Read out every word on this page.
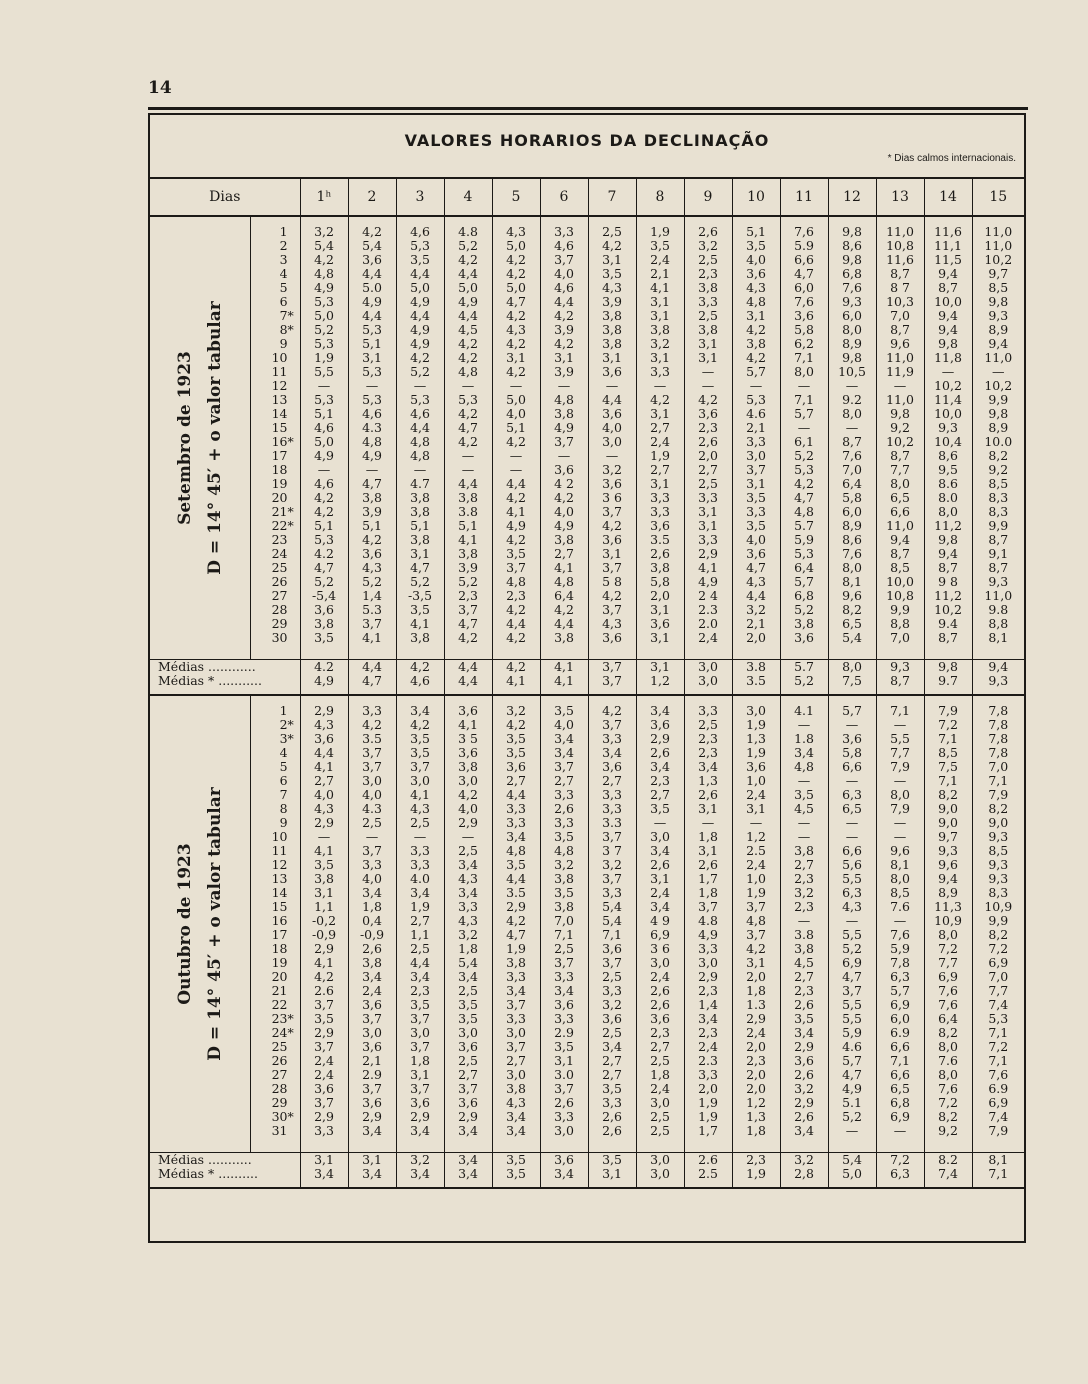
14
VALORES HORARIOS DA DECLINAÇÃO
* Dias calmos internacionais.
Dias		1ʰ	2	3	4	5	6	7	8	9	10	11	12	13	14	15

Setembro de 1923 D = 14° 45′ + o valor tabular																

	1	3,2	4,2	4,6	4.8	4,3	3,3	2,5	1,9	2,6	5,1	7,6	9,8	11,0	11,6	11,0
	2	5,4	5,4	5,3	5,2	5,0	4,6	4,2	3,5	3,2	3,5	5.9	8,6	10,8	11,1	11,0
	3	4,2	3,6	3,5	4,2	4,2	3,7	3,1	2,4	2,5	4,0	6,6	9,8	11,6	11,5	10,2
	4	4,8	4,4	4,4	4,4	4,2	4,0	3,5	2,1	2,3	3,6	4,7	6,8	8,7	9,4	9,7
	5	4,9	5.0	5,0	5,0	5,0	4,6	4,3	4,1	3,8	4,3	6,0	7,6	8 7	8,7	8,5
	6	5,3	4,9	4,9	4,9	4,7	4,4	3,9	3,1	3,3	4,8	7,6	9,3	10,3	10,0	9,8
	7*	5,0	4,4	4,4	4,4	4,2	4,2	3,8	3,1	2,5	3,1	3,6	6,0	7,0	9,4	9,3
	8*	5,2	5,3	4,9	4,5	4,3	3,9	3,8	3,8	3,8	4,2	5,8	8,0	8,7	9,4	8,9
	9	5,3	5,1	4,9	4,2	4,2	4,2	3,8	3,2	3,1	3,8	6,2	8,9	9,6	9,8	9,4
	10	1,9	3,1	4,2	4,2	3,1	3,1	3,1	3,1	3,1	4,2	7,1	9,8	11,0	11,8	11,0
	11	5,5	5,3	5,2	4,8	4,2	3,9	3,6	3,3	—	5,7	8,0	10,5	11,9	—	—
	12	—	—	—	—	—	—	—	—	—	—	—	—	—	10,2	10,2
	13	5,3	5,3	5,3	5,3	5,0	4,8	4,4	4,2	4,2	5,3	7,1	9.2	11,0	11,4	9,9
	14	5,1	4,6	4,6	4,2	4,0	3,8	3,6	3,1	3,6	4.6	5,7	8,0	9,8	10,0	9,8
	15	4,6	4.3	4,4	4,7	5,1	4,9	4,0	2,7	2,3	2,1	—	—	9,2	9,3	8,9
	16*	5,0	4,8	4,8	4,2	4,2	3,7	3,0	2,4	2,6	3,3	6,1	8,7	10,2	10,4	10.0
	17	4,9	4,9	4,8	—	—	—	—	1,9	2,0	3,0	5,2	7,6	8,7	8,6	8,2
	18	—	—	—	—	—	3,6	3,2	2,7	2,7	3,7	5,3	7,0	7,7	9,5	9,2
	19	4,6	4,7	4.7	4,4	4,4	4 2	3,6	3,1	2,5	3,1	4,2	6,4	8,0	8.6	8,5
	20	4,2	3,8	3,8	3,8	4,2	4,2	3 6	3,3	3,3	3,5	4,7	5,8	6,5	8.0	8,3
	21*	4,2	3,9	3,8	3.8	4,1	4,0	3,7	3,3	3,1	3,3	4,8	6,0	6,6	8,0	8,3
	22*	5,1	5,1	5,1	5,1	4,9	4,9	4,2	3,6	3,1	3,5	5.7	8,9	11,0	11,2	9,9
	23	5,3	4,2	3,8	4,1	4,2	3,8	3,6	3.5	3,3	4,0	5,9	8,6	9,4	9,8	8,7
	24	4.2	3,6	3,1	3,8	3,5	2,7	3,1	2,6	2,9	3,6	5,3	7,6	8,7	9,4	9,1
	25	4,7	4,3	4,7	3,9	3,7	4,1	3,7	3,8	4,1	4,7	6,4	8,0	8,5	8,7	8,7
	26	5,2	5,2	5,2	5,2	4,8	4,8	5 8	5,8	4,9	4,3	5,7	8,1	10,0	9 8	9,3
	27	-5,4	1,4	-3,5	2,3	2,3	6,4	4,2	2,0	2 4	4,4	6,8	9,6	10,8	11,2	11,0
	28	3,6	5.3	3,5	3,7	4,2	4,2	3,7	3,1	2.3	3,2	5,2	8,2	9,9	10,2	9.8
	29	3,8	3,7	4,1	4,7	4,4	4,4	4,3	3,6	2.0	2,1	3,8	6,5	8,8	9.4	8,8
	30	3,5	4,1	3,8	4,2	4,2	3,8	3,6	3,1	2,4	2,0	3,6	5,4	7,0	8,7	8,1

Médias ............		4.2	4,4	4,2	4,4	4,2	4,1	3,7	3,1	3,0	3.8	5.7	8,0	9,3	9,8	9,4
Médias * ...........		4,9	4,7	4,6	4,4	4,1	4,1	3,7	1,2	3,0	3.5	5,2	7,5	8,7	9.7	9,3

Outubro de 1923 D = 14° 45′ + o valor tabular																

	1	2,9	3,3	3,4	3,6	3,2	3,5	4,2	3,4	3,3	3,0	4.1	5,7	7,1	7,9	7,8
	2*	4,3	4,2	4,2	4,1	4,2	4,0	3,7	3,6	2,5	1,9	—	—	—	7,2	7,8
	3*	3,6	3.5	3,5	3 5	3,5	3,4	3,3	2,9	2,3	1,3	1.8	3,6	5,5	7,1	7,8
	4	4,4	3,7	3,5	3,6	3,5	3,4	3,4	2,6	2,3	1,9	3,4	5,8	7,7	8,5	7,8
	5	4,1	3,7	3,7	3,8	3,6	3,7	3,6	3,4	3,4	3,6	4,8	6,6	7,9	7,5	7,0
	6	2,7	3,0	3,0	3,0	2,7	2,7	2,7	2,3	1,3	1,0	—	—	—	7,1	7,1
	7	4,0	4,0	4,1	4,2	4,4	3,3	3,3	2,7	2,6	2,4	3,5	6,3	8,0	8,2	7,9
	8	4,3	4.3	4,3	4,0	3,3	2,6	3,3	3,5	3,1	3,1	4,5	6,5	7,9	9,0	8,2
	9	2,9	2,5	2,5	2,9	3,3	3,3	3.3	—	—	—	—	—	—	9,0	9,0
	10	—	—	—	—	3,4	3,5	3,7	3,0	1,8	1,2	—	—	—	9,7	9,3
	11	4,1	3,7	3,3	2,5	4,8	4,8	3 7	3,4	3,1	2.5	3,8	6,6	9,6	9,3	8,5
	12	3,5	3,3	3,3	3,4	3,5	3,2	3,2	2,6	2,6	2,4	2,7	5,6	8,1	9,6	9,3
	13	3,8	4,0	4.0	4,3	4,4	3,8	3,7	3,1	1,7	1,0	2,3	5,5	8,0	9,4	9,3
	14	3,1	3,4	3,4	3,4	3.5	3,5	3,3	2,4	1,8	1,9	3,2	6,3	8,5	8,9	8,3
	15	1,1	1,8	1,9	3,3	2,9	3,8	5,4	3,4	3,7	3,7	2,3	4,3	7.6	11,3	10,9
	16	-0,2	0,4	2,7	4,3	4,2	7,0	5,4	4 9	4.8	4,8	—	—	—	10,9	9,9
	17	-0,9	-0,9	1,1	3,2	4,7	7,1	7,1	6,9	4,9	3,7	3.8	5,5	7,6	8,0	8,2
	18	2,9	2,6	2,5	1,8	1,9	2,5	3,6	3 6	3,3	4,2	3,8	5,2	5,9	7,2	7,2
	19	4,1	3,8	4,4	5,4	3,8	3,7	3,7	3,0	3,0	3,1	4,5	6,9	7,8	7,7	6,9
	20	4,2	3,4	3,4	3,4	3,3	3,3	2,5	2,4	2,9	2,0	2,7	4,7	6,3	6,9	7,0
	21	2.6	2,4	2,3	2,5	3,4	3,4	3,3	2,6	2,3	1,8	2,3	3,7	5,7	7,6	7,7
	22	3,7	3,6	3,5	3,5	3,7	3,6	3,2	2,6	1,4	1.3	2,6	5,5	6,9	7,6	7,4
	23*	3,5	3,7	3,7	3,5	3,3	3,3	3,6	3,6	3,4	2,9	3,5	5,5	6,0	6,4	5,3
	24*	2,9	3,0	3,0	3,0	3,0	2.9	2,5	2,3	2,3	2,4	3,4	5,9	6.9	8,2	7,1
	25	3,7	3,6	3,7	3,6	3,7	3,5	3,4	2,7	2,4	2,0	2,9	4.6	6,6	8,0	7,2
	26	2,4	2,1	1,8	2,5	2,7	3,1	2,7	2,5	2.3	2,3	3,6	5,7	7,1	7.6	7,1
	27	2,4	2.9	3,1	2,7	3,0	3.0	2,7	1,8	3,3	2,0	2,6	4,7	6,6	8,0	7,6
	28	3,6	3,7	3,7	3,7	3,8	3,7	3,5	2,4	2,0	2,0	3,2	4,9	6,5	7,6	6.9
	29	3,7	3,6	3,6	3,6	4,3	2,6	3,3	3,0	1,9	1,2	2,9	5.1	6,8	7,2	6,9
	30*	2,9	2,9	2,9	2,9	3,4	3,3	2,6	2,5	1,9	1,3	2,6	5,2	6,9	8,2	7,4
	31	3,3	3,4	3,4	3,4	3,4	3,0	2,6	2,5	1,7	1,8	3,4	—	—	9,2	7,9

Médias ...........		3,1	3,1	3,2	3,4	3,5	3,6	3,5	3,0	2.6	2,3	3,2	5,4	7,2	8.2	8,1
Médias * ..........		3,4	3,4	3,4	3,4	3,5	3,4	3,1	3,0	2.5	1,9	2,8	5,0	6,3	7,4	7,1
